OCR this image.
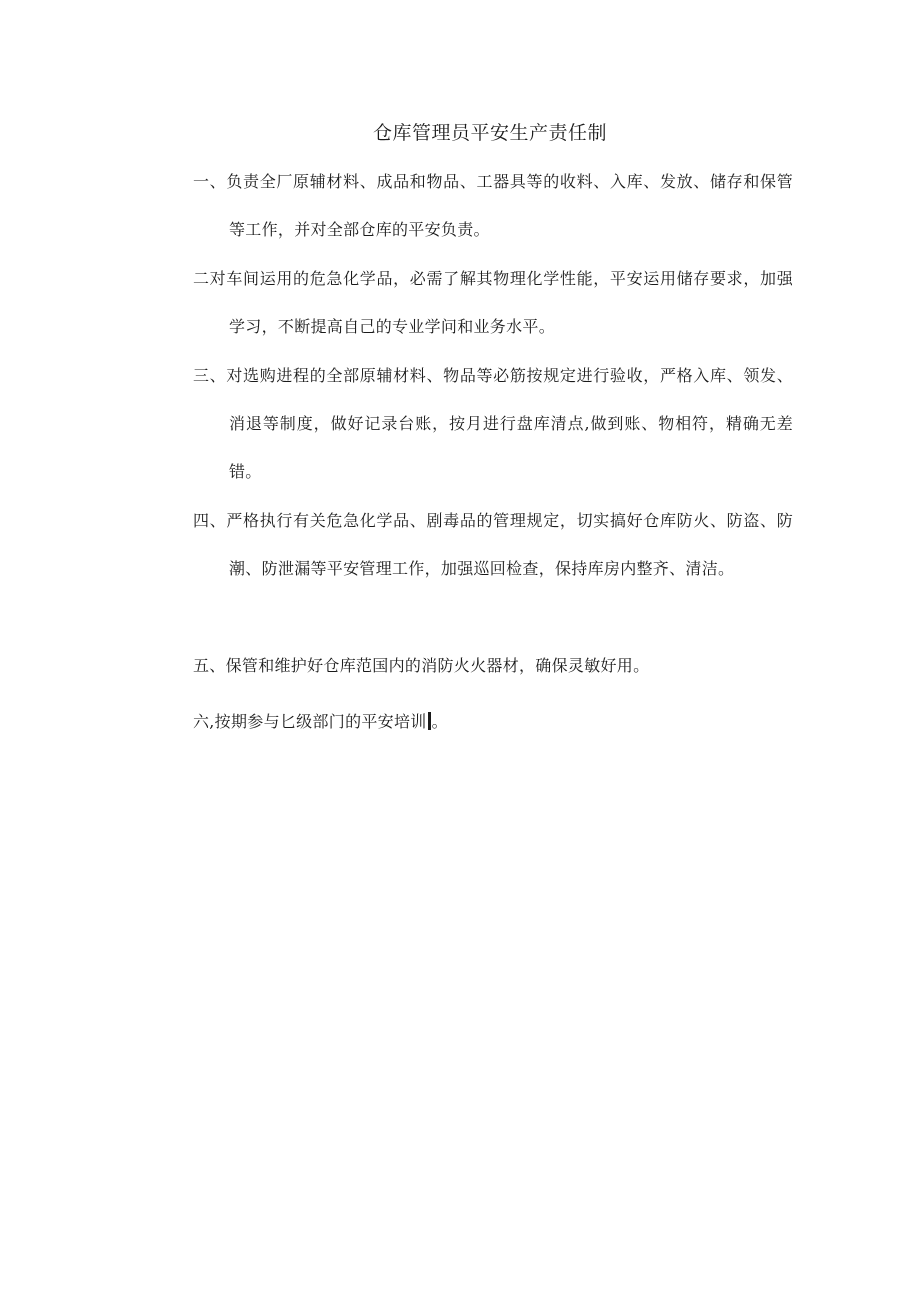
仓库管理员平安生产责任制

一、负责全厂原辅材料、成品和物品、工器具等的收料、入库、发放、储存和保管等工作，并对全部仓库的平安负责。

二对车间运用的危急化学品，必需了解其物理化学性能，平安运用储存要求，加强学习，不断提高自己的专业学问和业务水平。

三、对选购进程的全部原辅材料、物品等必筋按规定进行验收，严格入库、领发、消退等制度，做好记录台账，按月进行盘库清点,做到账、物相符，精确无差错。

四、严格执行有关危急化学品、剧毒品的管理规定，切实搞好仓库防火、防盗、防潮、防泄漏等平安管理工作，加强巡回检查，保持库房内整齐、清洁。

五、保管和维护好仓库范国内的消防火火器材，确保灵敏好用。

六,按期参与匕级部门的平安培训 。
